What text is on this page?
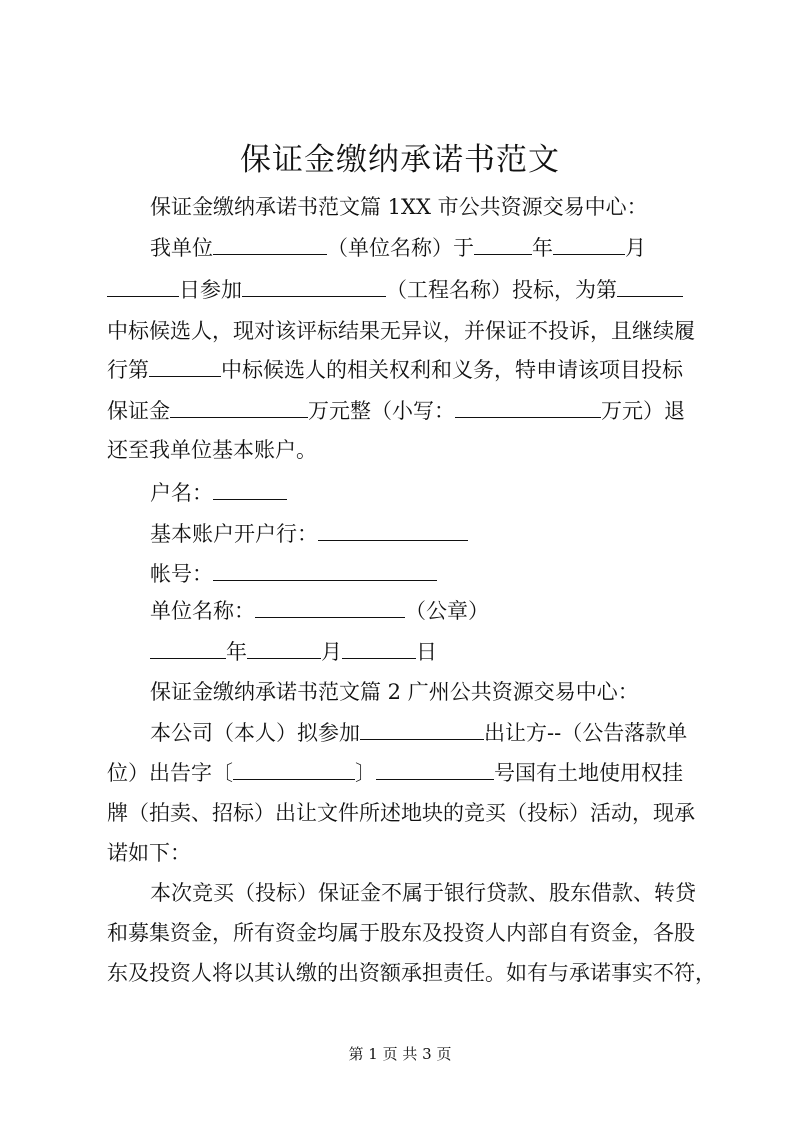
保证金缴纳承诺书范文
保证金缴纳承诺书范文篇 1XX 市公共资源交易中心：
我单位	（单位名称）于	年	月
日参加	（工程名称）投标，为第
中标候选人，现对该评标结果无异议，并保证不投诉，且继续履
行第	中标候选人的相关权利和义务，特申请该项目投标
保证金	万元整（小写：	万元）退
还至我单位基本账户。
户名：
基本账户开户行：
帐号：
单位名称：	（公章）
年	月	日
保证金缴纳承诺书范文篇 2 广州公共资源交易中心：
本公司（本人）拟参加	出让方--（公告落款单
位）出告字〔	〕	号国有土地使用权挂
牌（拍卖、招标）出让文件所述地块的竞买（投标）活动，现承
诺如下：
本次竞买（投标）保证金不属于银行贷款、股东借款、转贷
和募集资金，所有资金均属于股东及投资人内部自有资金，各股
东及投资人将以其认缴的出资额承担责任。如有与承诺事实不符，
第 1 页 共 3 页
